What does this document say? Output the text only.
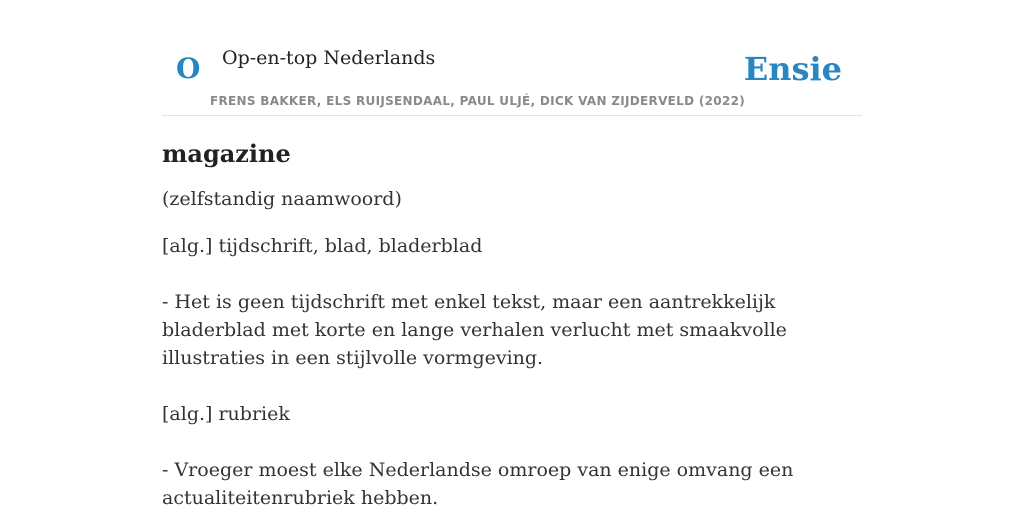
O Op-en-top Nederlands
FRENS BAKKER, ELS RUIJSENDAAL, PAUL ULJÉ, DICK VAN ZIJDERVELD (2022)
Ensie
magazine
(zelfstandig naamwoord)
[alg.] tijdschrift, blad, bladerblad
- Het is geen tijdschrift met enkel tekst, maar een aantrekkelijk bladerblad met korte en lange verhalen verlucht met smaakvolle illustraties in een stijlvolle vormgeving.
[alg.] rubriek
- Vroeger moest elke Nederlandse omroep van enige omvang een actualiteitenrubriek hebben.
